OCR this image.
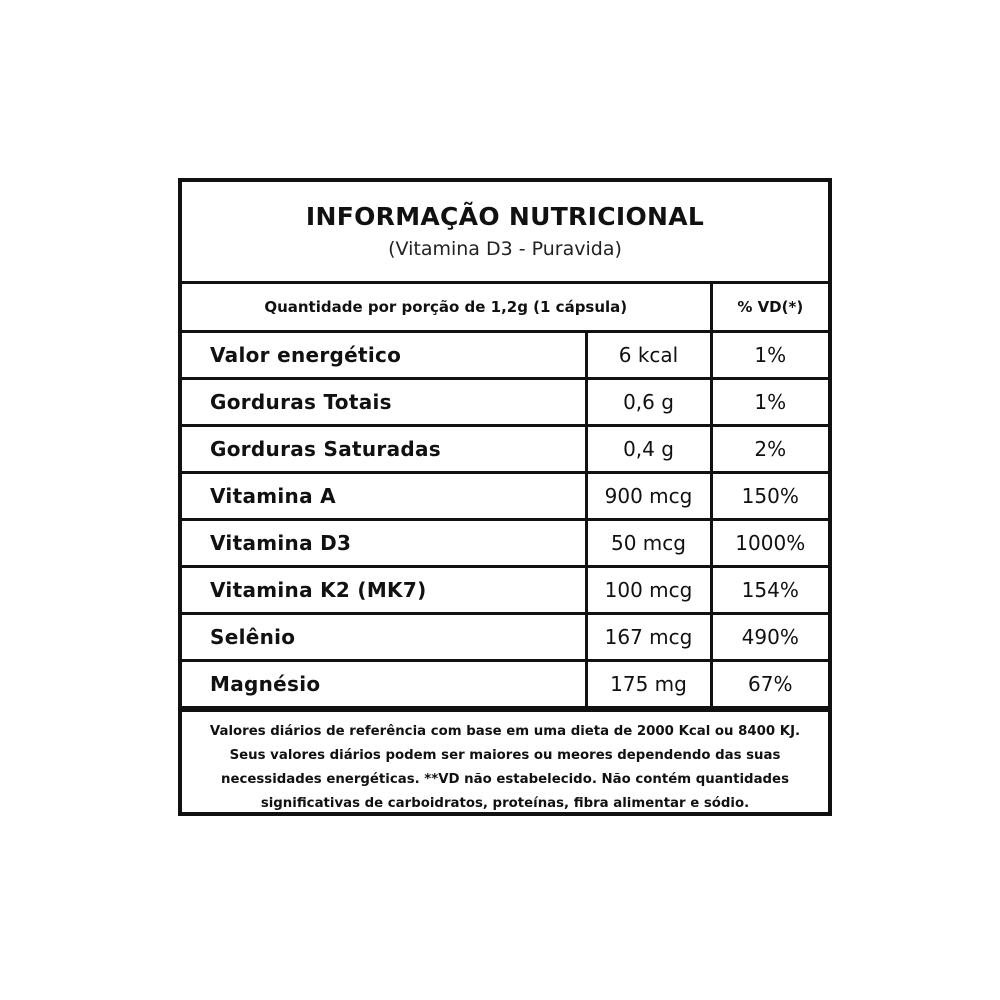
INFORMAÇÃO NUTRICIONAL
(Vitamina D3 - Puravida)
Quantidade por porção de 1,2g (1 cápsula)		% VD(*)
Valor energético	6 kcal	1%
Gorduras Totais	0,6 g	1%
Gorduras Saturadas	0,4 g	2%
Vitamina A	900 mcg	150%
Vitamina D3	50 mcg	1000%
Vitamina K2 (MK7)	100 mcg	154%
Selênio	167 mcg	490%
Magnésio	175 mg	67%
Valores diários de referência com base em uma dieta de 2000 Kcal ou 8400 KJ. Seus valores diários podem ser maiores ou meores dependendo das suas necessidades energéticas. **VD não estabelecido. Não contém quantidades significativas de carboidratos, proteínas, fibra alimentar e sódio.
